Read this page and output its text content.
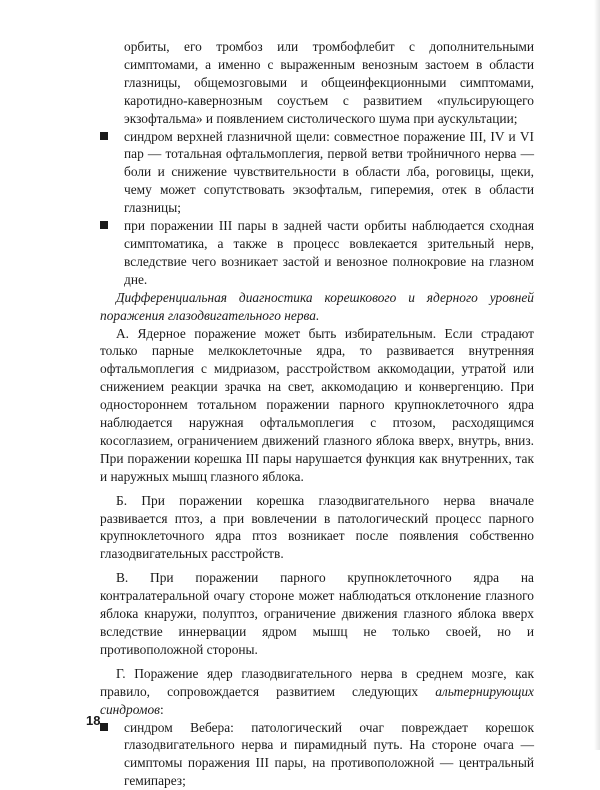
орбиты, его тромбоз или тромбофлебит с дополнительными симптомами, а именно с выраженным венозным застоем в области глазницы, общемозговыми и общеинфекционными симптомами, каротидно-кавернозным соустьем с развитием «пульсирующего экзофтальма» и появлением систолического шума при аускультации;

синдром верхней глазничной щели: совместное поражение III, IV и VI пар — тотальная офтальмоплегия, первой ветви тройничного нерва — боли и снижение чувствительности в области лба, роговицы, щеки, чему может сопутствовать экзофтальм, гиперемия, отек в области глазницы;

при поражении III пары в задней части орбиты наблюдается сходная симптоматика, а также в процесс вовлекается зрительный нерв, вследствие чего возникает застой и венозное полнокровие на глазном дне.

Дифференциальная диагностика корешкового и ядерного уровней поражения глазодвигательного нерва.

А. Ядерное поражение может быть избирательным. Если страдают только парные мелкоклеточные ядра, то развивается внутренняя офтальмоплегия с мидриазом, расстройством аккомодации, утратой или снижением реакции зрачка на свет, аккомодацию и конвергенцию. При одностороннем тотальном поражении парного крупноклеточного ядра наблюдается наружная офтальмоплегия с птозом, расходящимся косоглазием, ограничением движений глазного яблока вверх, внутрь, вниз. При поражении корешка III пары нарушается функция как внутренних, так и наружных мышц глазного яблока.

Б. При поражении корешка глазодвигательного нерва вначале развивается птоз, а при вовлечении в патологический процесс парного крупноклеточного ядра птоз возникает после появления собственно глазодвигательных расстройств.

В. При поражении парного крупноклеточного ядра на контралатеральной очагу стороне может наблюдаться отклонение глазного яблока кнаружи, полуптоз, ограничение движения глазного яблока вверх вследствие иннервации ядром мышц не только своей, но и противоположной стороны.

Г. Поражение ядер глазодвигательного нерва в среднем мозге, как правило, сопровождается развитием следующих альтернирующих синдромов:

синдром Вебера: патологический очаг повреждает корешок глазодвигательного нерва и пирамидный путь. На стороне очага — симптомы поражения III пары, на противоположной — центральный гемипарез;

18
